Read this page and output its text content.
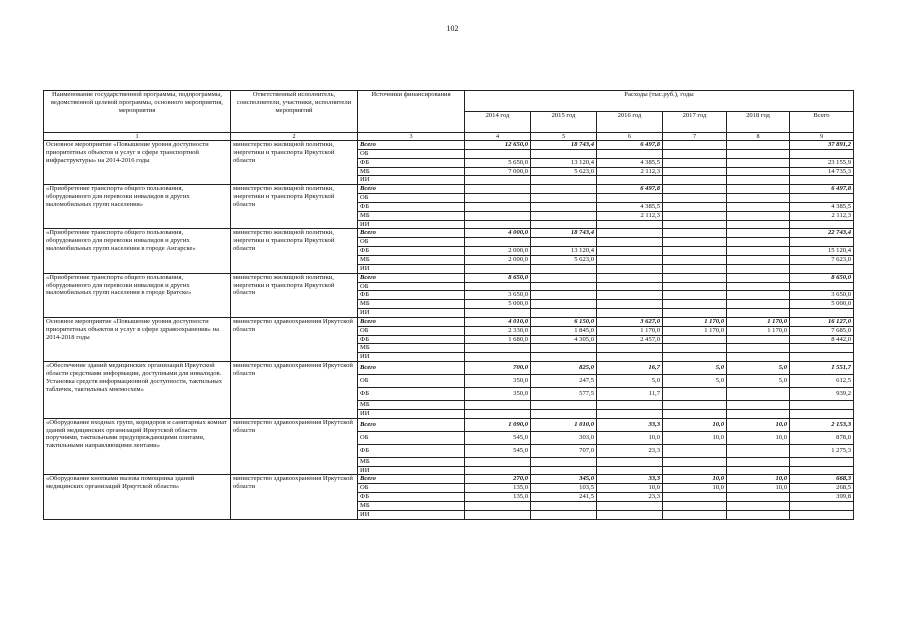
102
Наименование государственной программы, подпрограммы, ведомственной целевой программы, основного мероприятия, мероприятия	Ответственный исполнитель, соисполнители, участники, исполнители мероприятий	Источники финансирования	Расходы (тыс.руб.), годы					
			2014 год	2015 год	2016 год	2017 год	2018 год	Всего
1	2	3	4	5	6	7	8	9
Основное мероприятие «Повышение уровня доступности приоритетных объектов и услуг в сфере транспортной инфраструктуры» на 2014-2016 годы	министерство жилищной политики, энергетики и транспорта Иркутской области	Всего	12 650,0	18 743,4	6 497,8			37 891,2
		ОБ						
		ФБ	5 650,0	13 120,4	4 385,5			23 155,9
		МБ	7 000,0	5 623,0	2 112,3			14 735,3
		ИИ						
«Приобретение транспорта общего пользования, оборудованного для перевозки инвалидов и других маломобильных групп населения»	министерство жилищной политики, энергетики и транспорта Иркутской области	Всего			6 497,8			6 497,8
		ОБ						
		ФБ			4 385,5			4 385,5
		МБ			2 112,3			2 112,3
		ИИ						
«Приобретение транспорта общего пользования, оборудованного для перевозки инвалидов и других маломобильных групп населения в городе Ангарске»	министерство жилищной политики, энергетики и транспорта Иркутской области	Всего	4 000,0	18 743,4				22 743,4
		ОБ						
		ФБ	2 000,0	13 120,4				15 120,4
		МБ	2 000,0	5 623,0				7 623,0
		ИИ						
«Приобретение транспорта общего пользования, оборудованного для перевозки инвалидов и других маломобильных групп населения в городе Братске»	министерство жилищной политики, энергетики и транспорта Иркутской области	Всего	8 650,0					8 650,0
		ОБ						
		ФБ	3 650,0					3 650,0
		МБ	5 000,0					5 000,0
		ИИ						
Основное мероприятие «Повышение уровня доступности приоритетных объектов и услуг в сфере здравоохранения» на 2014-2018 годы	министерство здравоохранения Иркутской области	Всего	4 010,0	6 150,0	3 627,0	1 170,0	1 170,0	16 127,0
		ОБ	2 330,0	1 845,0	1 170,0	1 170,0	1 170,0	7 685,0
		ФБ	1 680,0	4 305,0	2 457,0			8 442,0
		МБ						
		ИИ						
«Обеспечение зданий медицинских организаций Иркутской области средствами информации, доступными для инвалидов. Установка средств информационной доступности, тактильных табличек, тактильных мнемосхем»	министерство здравоохранения Иркутской области	Всего	700,0	825,0	16,7	5,0	5,0	1 551,7
		ОБ	350,0	247,5	5,0	5,0	5,0	612,5
		ФБ	350,0	577,5	11,7			939,2
		МБ						
		ИИ						
«Оборудование входных групп, коридоров и санитарных комнат зданий медицинских организаций Иркутской области поручнями, тактильными предупреждающими плитами, тактильными направляющими лентами»	министерство здравоохранения Иркутской области	Всего	1 090,0	1 010,0	33,3	10,0	10,0	2 153,3
		ОБ	545,0	303,0	10,0	10,0	10,0	878,0
		ФБ	545,0	707,0	23,3			1 275,3
		МБ						
		ИИ						
«Оборудование кнопками вызова помощника зданий медицинских организаций Иркутской области»	министерство здравоохранения Иркутской области	Всего	270,0	345,0	33,3	10,0	10,0	668,3
		ОБ	135,0	103,5	10,0	10,0	10,0	268,5
		ФБ	135,0	241,5	23,3			399,8
		МБ						
		ИИ						
